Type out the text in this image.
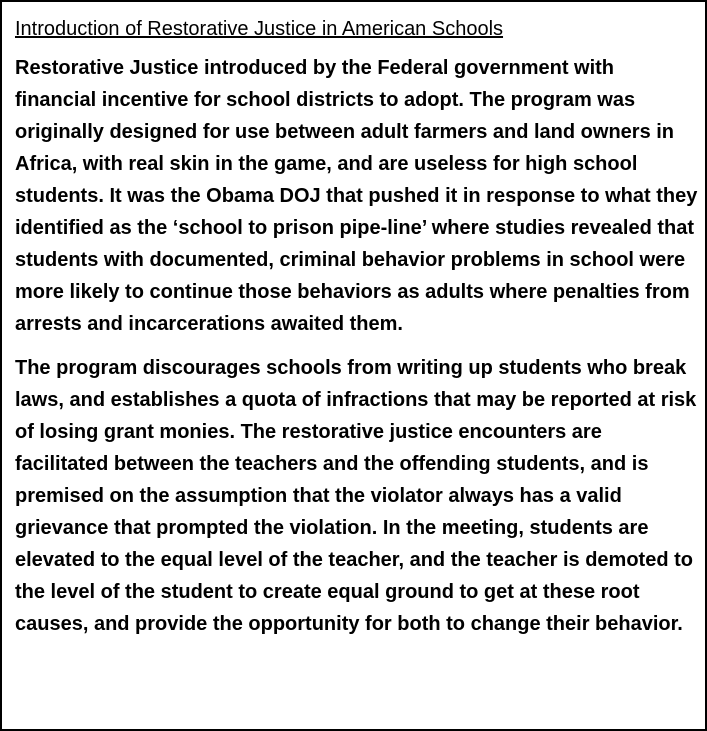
Introduction of Restorative Justice in American Schools

Restorative Justice introduced by the Federal government with financial incentive for school districts to adopt. The program was originally designed for use between adult farmers and land owners in Africa, with real skin in the game, and are useless for high school students. It was the Obama DOJ that pushed it in response to what they identified as the ‘school to prison pipe-line’ where studies revealed that students with documented, criminal behavior problems in school were more likely to continue those behaviors as adults where penalties from arrests and incarcerations awaited them.

The program discourages schools from writing up students who break laws, and establishes a quota of infractions that may be reported at risk of losing grant monies. The restorative justice encounters are facilitated between the teachers and the offending students, and is premised on the assumption that the violator always has a valid grievance that prompted the violation. In the meeting, students are elevated to the equal level of the teacher, and the teacher is demoted to the level of the student to create equal ground to get at these root causes, and provide the opportunity for both to change their behavior.
